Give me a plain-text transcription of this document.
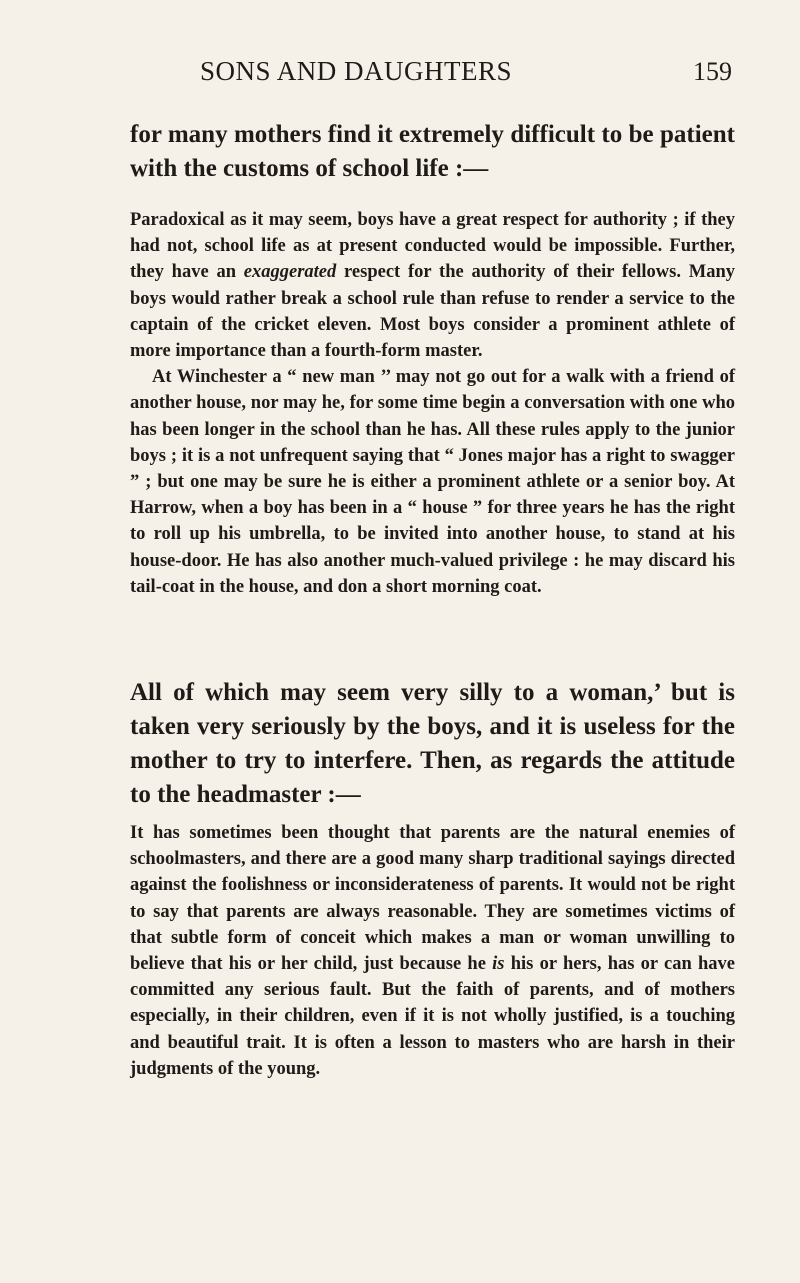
SONS AND DAUGHTERS	159

for many mothers find it extremely difficult to be patient with the customs of school life :—

Paradoxical as it may seem, boys have a great respect for authority ; if they had not, school life as at present conducted would be impossible. Further, they have an exaggerated respect for the authority of their fellows. Many boys would rather break a school rule than refuse to render a service to the captain of the cricket eleven. Most boys consider a prominent athlete of more importance than a fourth-form master.

At Winchester a “ new man ’’ may not go out for a walk with a friend of another house, nor may he, for some time begin a conversation with one who has been longer in the school than he has. All these rules apply to the junior boys ; it is a not unfrequent saying that “ Jones major has a right to swagger ” ; but one may be sure he is either a prominent athlete or a senior boy. At Harrow, when a boy has been in a “ house ” for three years he has the right to roll up his umbrella, to be invited into another house, to stand at his house-door. He has also another much-valued privilege : he may discard his tail-coat in the house, and don a short morning coat.

All of which may seem very silly to a woman,’ but is taken very seriously by the boys, and it is useless for the mother to try to interfere. Then, as regards the attitude to the headmaster :—

It has sometimes been thought that parents are the natural enemies of schoolmasters, and there are a good many sharp traditional sayings directed against the foolishness or inconsiderateness of parents. It would not be right to say that parents are always reasonable. They are sometimes victims of that subtle form of conceit which makes a man or woman unwilling to believe that his or her child, just because he is his or hers, has or can have committed any serious fault. But the faith of parents, and of mothers especially, in their children, even if it is not wholly justified, is a touching and beautiful trait. It is often a lesson to masters who are harsh in their judgments of the young.
